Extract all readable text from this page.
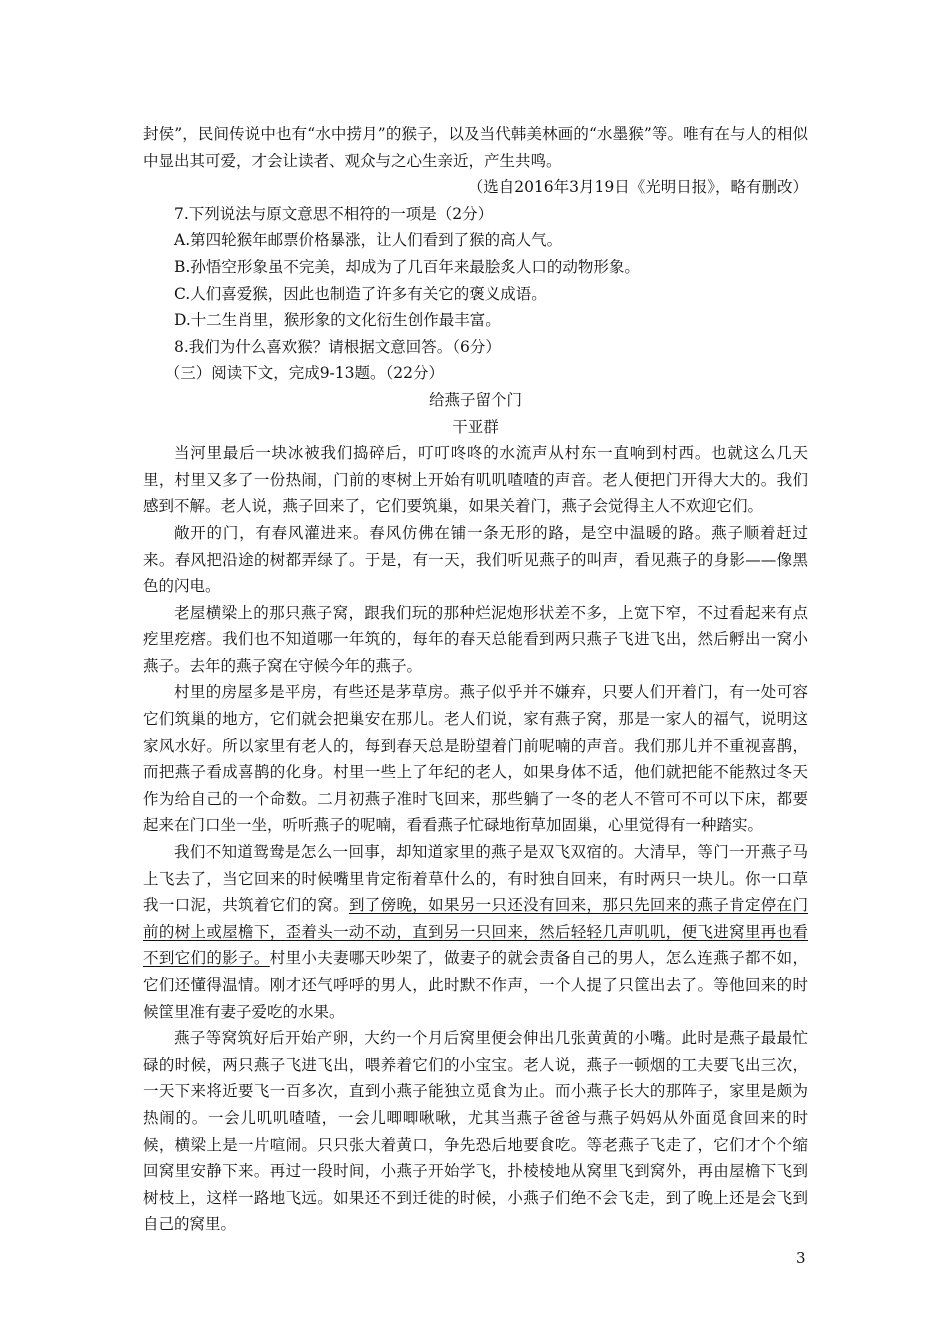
封侯”，民间传说中也有“水中捞月”的猴子，以及当代韩美林画的“水墨猴”等。唯有在与人的相似中显出其可爱，才会让读者、观众与之心生亲近，产生共鸣。

（选自2016年3月19日《光明日报》，略有删改）

7.下列说法与原文意思不相符的一项是（2分）

A.第四轮猴年邮票价格暴涨，让人们看到了猴的高人气。

B.孙悟空形象虽不完美，却成为了几百年来最脍炙人口的动物形象。

C.人们喜爱猴，因此也制造了许多有关它的褒义成语。

D.十二生肖里，猴形象的文化衍生创作最丰富。

8.我们为什么喜欢猴？请根据文意回答。（6分）

（三）阅读下文，完成9-13题。（22分）

给燕子留个门

干亚群

当河里最后一块冰被我们捣碎后，叮叮咚咚的水流声从村东一直响到村西。也就这么几天里，村里又多了一份热闹，门前的枣树上开始有叽叽喳喳的声音。老人便把门开得大大的。我们感到不解。老人说，燕子回来了，它们要筑巢，如果关着门，燕子会觉得主人不欢迎它们。

敞开的门，有春风灌进来。春风仿佛在铺一条无形的路，是空中温暖的路。燕子顺着赶过来。春风把沿途的树都弄绿了。于是，有一天，我们听见燕子的叫声，看见燕子的身影——像黑色的闪电。

老屋横梁上的那只燕子窝，跟我们玩的那种烂泥炮形状差不多，上宽下窄，不过看起来有点疙里疙瘩。我们也不知道哪一年筑的，每年的春天总能看到两只燕子飞进飞出，然后孵出一窝小燕子。去年的燕子窝在守候今年的燕子。

村里的房屋多是平房，有些还是茅草房。燕子似乎并不嫌弃，只要人们开着门，有一处可容它们筑巢的地方，它们就会把巢安在那儿。老人们说，家有燕子窝，那是一家人的福气，说明这家风水好。所以家里有老人的，每到春天总是盼望着门前呢喃的声音。我们那儿并不重视喜鹊，而把燕子看成喜鹊的化身。村里一些上了年纪的老人，如果身体不适，他们就把能不能熬过冬天作为给自己的一个命数。二月初燕子准时飞回来，那些躺了一冬的老人不管可不可以下床，都要起来在门口坐一坐，听听燕子的呢喃，看看燕子忙碌地衔草加固巢，心里觉得有一种踏实。

我们不知道鸳鸯是怎么一回事，却知道家里的燕子是双飞双宿的。大清早，等门一开燕子马上飞去了，当它回来的时候嘴里肯定衔着草什么的，有时独自回来，有时两只一块儿。你一口草我一口泥，共筑着它们的窝。到了傍晚，如果另一只还没有回来，那只先回来的燕子肯定停在门前的树上或屋檐下，歪着头一动不动，直到另一只回来，然后轻轻几声叽叽，便飞进窝里再也看不到它们的影子。村里小夫妻哪天吵架了，做妻子的就会责备自己的男人，怎么连燕子都不如，它们还懂得温情。刚才还气呼呼的男人，此时默不作声，一个人提了只筐出去了。等他回来的时候筐里准有妻子爱吃的水果。

燕子等窝筑好后开始产卵，大约一个月后窝里便会伸出几张黄黄的小嘴。此时是燕子最最忙碌的时候，两只燕子飞进飞出，喂养着它们的小宝宝。老人说，燕子一顿烟的工夫要飞出三次，一天下来将近要飞一百多次，直到小燕子能独立觅食为止。而小燕子长大的那阵子，家里是颇为热闹的。一会儿叽叽喳喳，一会儿唧唧啾啾，尤其当燕子爸爸与燕子妈妈从外面觅食回来的时候，横梁上是一片喧闹。只只张大着黄口，争先恐后地要食吃。等老燕子飞走了，它们才个个缩回窝里安静下来。再过一段时间，小燕子开始学飞，扑棱棱地从窝里飞到窝外，再由屋檐下飞到树枝上，这样一路地飞远。如果还不到迁徙的时候，小燕子们绝不会飞走，到了晚上还是会飞到自己的窝里。

3
